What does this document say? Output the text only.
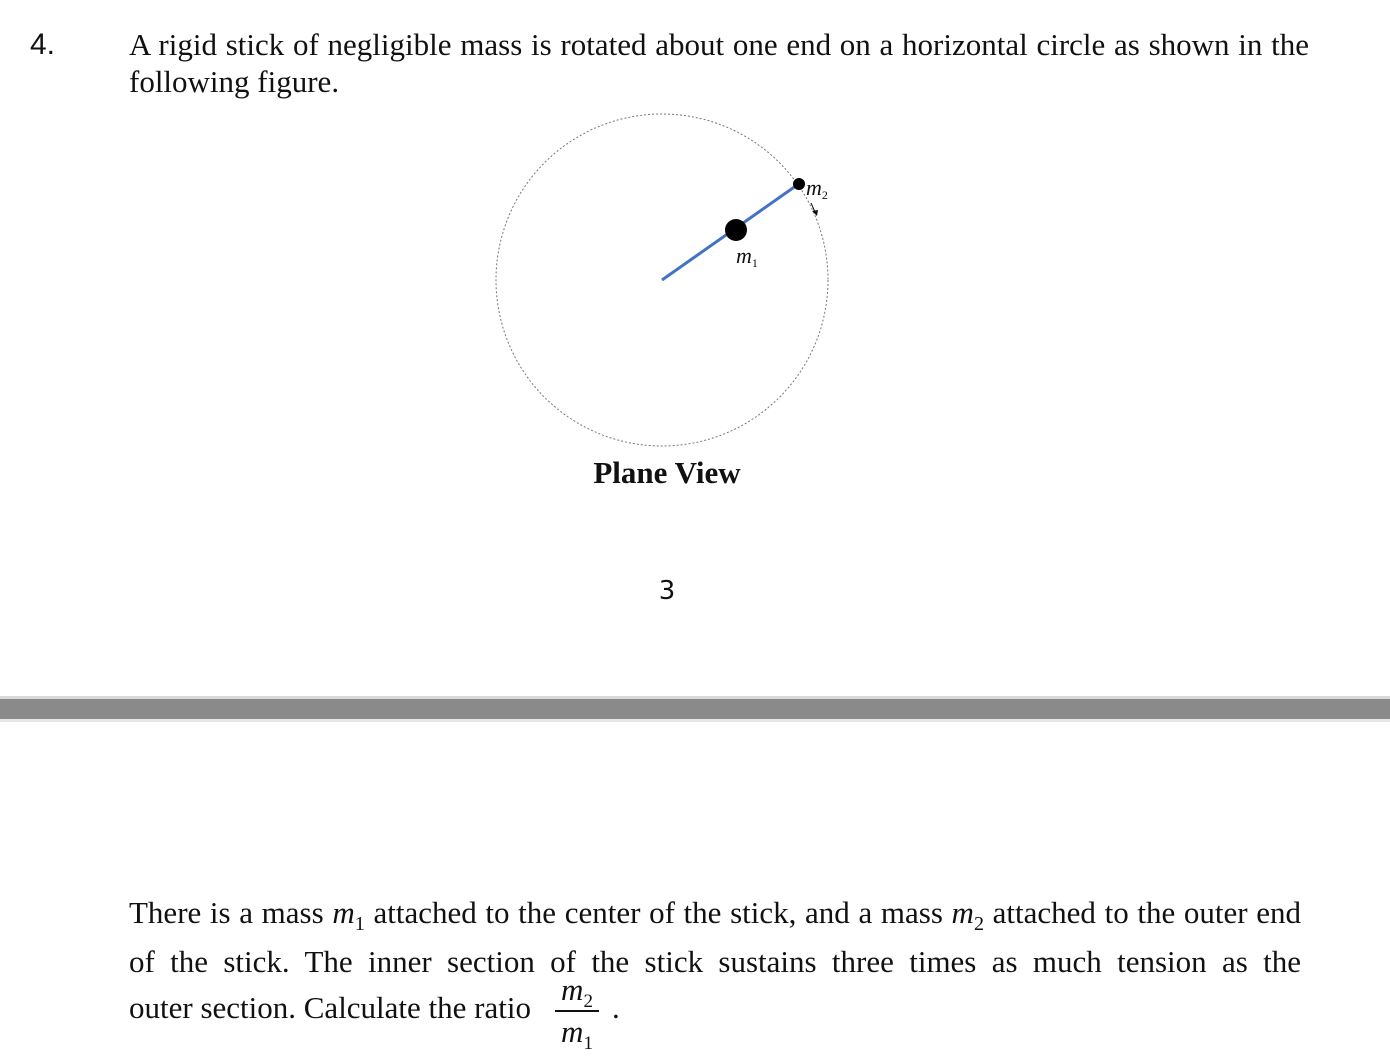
4. A rigid stick of negligible mass is rotated about one end on a horizontal circle as shown in the following figure.

m1
m2
Plane View
3

There is a mass $m_1$ attached to the center of the stick, and a mass $m_2$ attached to the outer end of the stick. The inner section of the stick sustains three times as much tension as the

outer section. Calculate the ratio
$m_2$
$m_1$
.
